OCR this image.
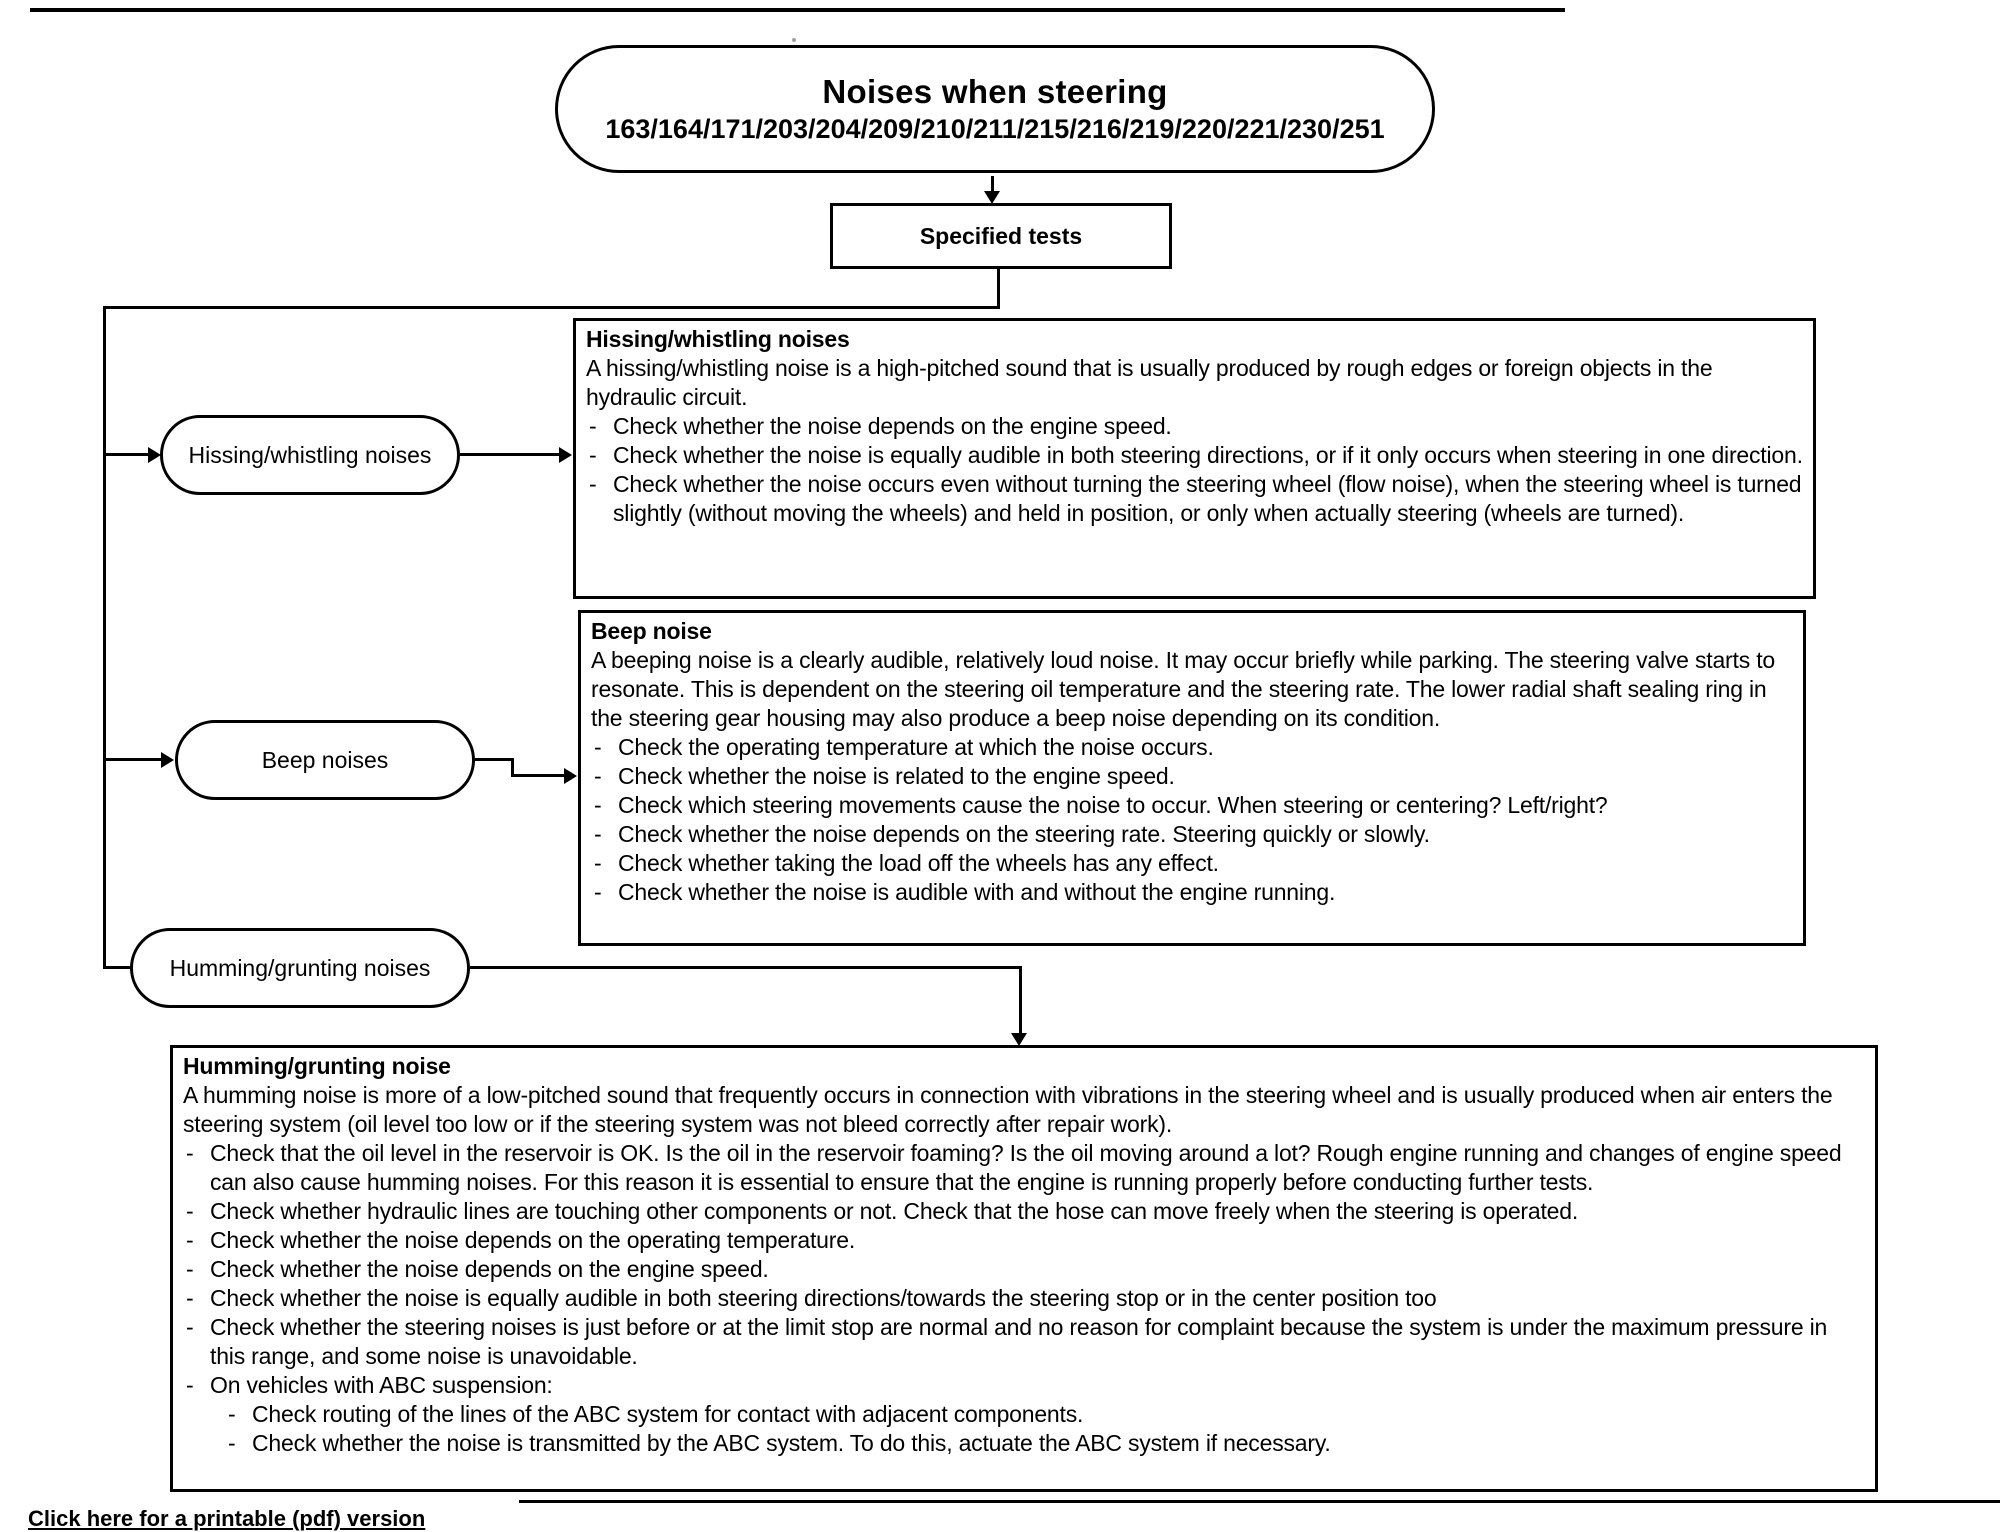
Noises when steering
163/164/171/203/204/209/210/211/215/216/219/220/221/230/251
Specified tests
Hissing/whistling noises
Beep noises
Humming/grunting noises
Hissing/whistling noises
A hissing/whistling noise is a high-pitched sound that is usually produced by rough edges or foreign objects in the hydraulic circuit.
- Check whether the noise depends on the engine speed.
- Check whether the noise is equally audible in both steering directions, or if it only occurs when steering in one direction.
- Check whether the noise occurs even without turning the steering wheel (flow noise), when the steering wheel is turned slightly (without moving the wheels) and held in position, or only when actually steering (wheels are turned).
Beep noise
A beeping noise is a clearly audible, relatively loud noise. It may occur briefly while parking. The steering valve starts to resonate. This is dependent on the steering oil temperature and the steering rate. The lower radial shaft sealing ring in the steering gear housing may also produce a beep noise depending on its condition.
- Check the operating temperature at which the noise occurs.
- Check whether the noise is related to the engine speed.
- Check which steering movements cause the noise to occur. When steering or centering? Left/right?
- Check whether the noise depends on the steering rate. Steering quickly or slowly.
- Check whether taking the load off the wheels has any effect.
- Check whether the noise is audible with and without the engine running.
Humming/grunting noise
A humming noise is more of a low-pitched sound that frequently occurs in connection with vibrations in the steering wheel and is usually produced when air enters the steering system (oil level too low or if the steering system was not bleed correctly after repair work).
- Check that the oil level in the reservoir is OK. Is the oil in the reservoir foaming? Is the oil moving around a lot? Rough engine running and changes of engine speed can also cause humming noises. For this reason it is essential to ensure that the engine is running properly before conducting further tests.
- Check whether hydraulic lines are touching other components or not. Check that the hose can move freely when the steering is operated.
- Check whether the noise depends on the operating temperature.
- Check whether the noise depends on the engine speed.
- Check whether the noise is equally audible in both steering directions/towards the steering stop or in the center position too
- Check whether the steering noises is just before or at the limit stop are normal and no reason for complaint because the system is under the maximum pressure in this range, and some noise is unavoidable.
- On vehicles with ABC suspension:
- Check routing of the lines of the ABC system for contact with adjacent components.
- Check whether the noise is transmitted by the ABC system. To do this, actuate the ABC system if necessary.
Click here for a printable (pdf) version
